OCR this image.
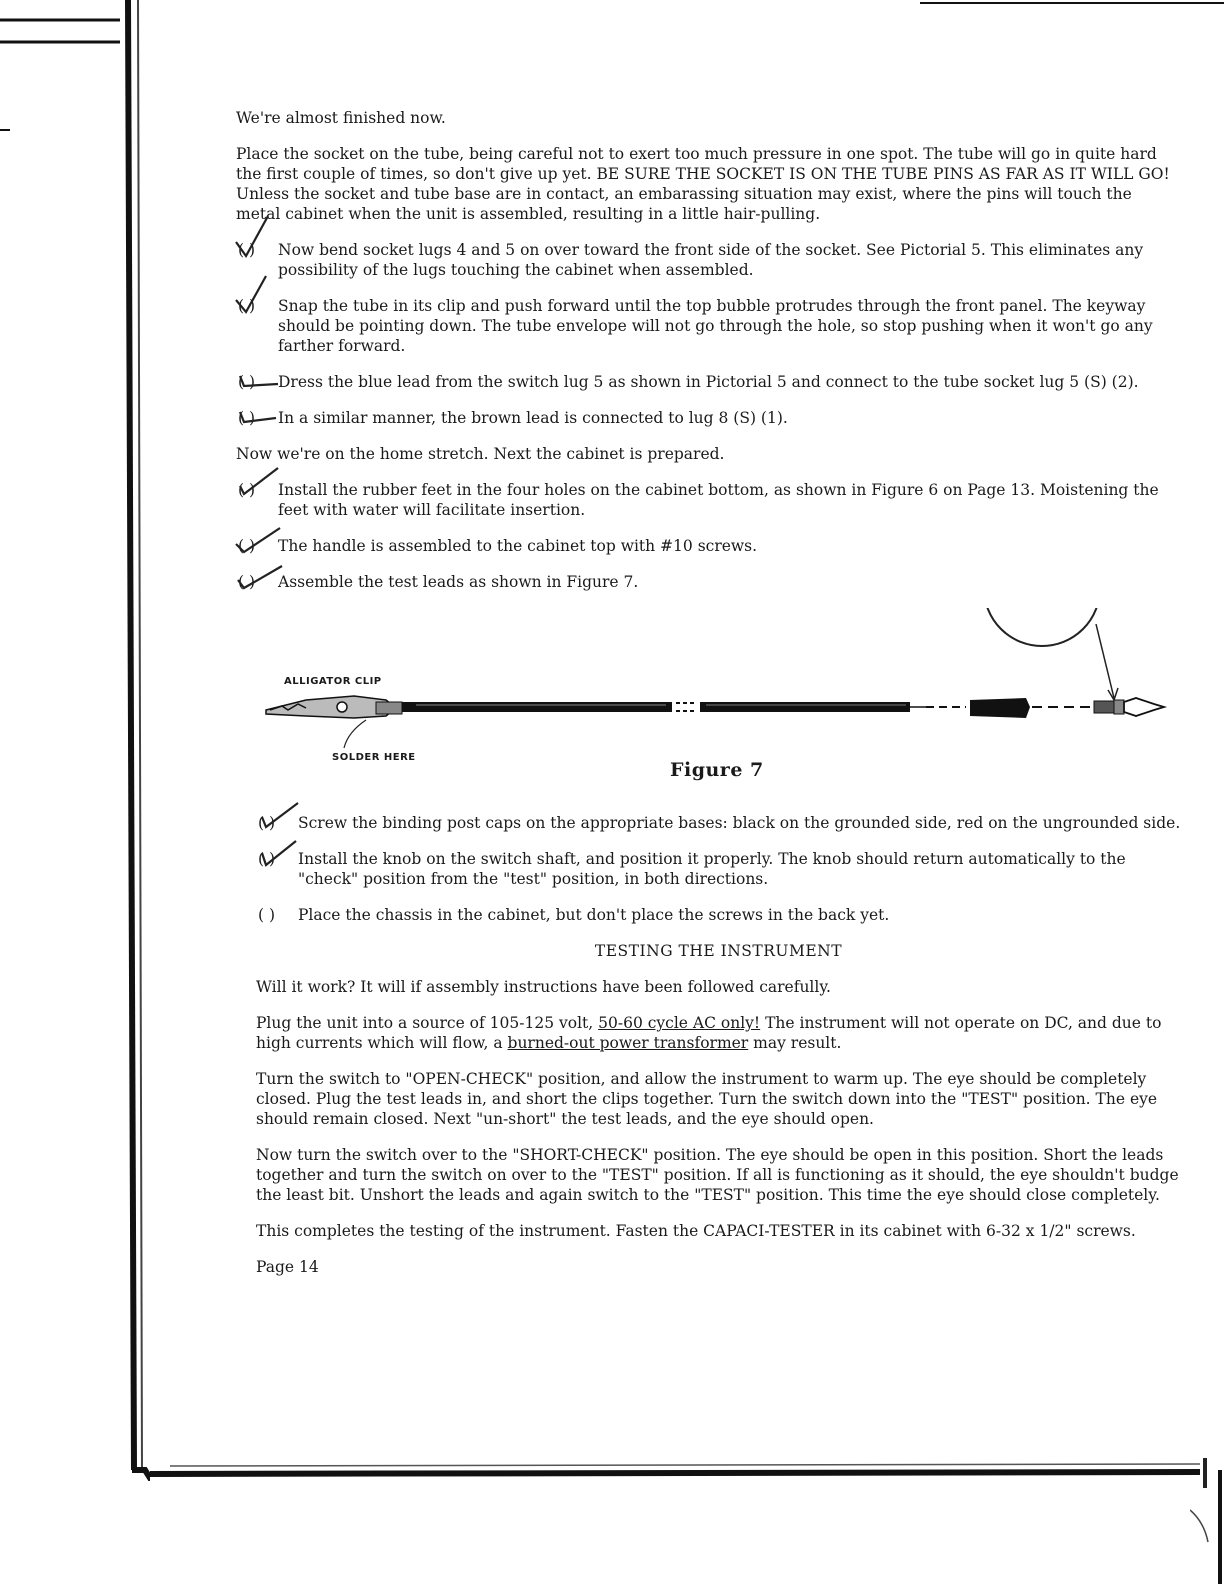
We're almost finished now.

Place the socket on the tube, being careful not to exert too much pressure in one spot. The tube will go in quite hard the first couple of times, so don't give up yet. BE SURE THE SOCKET IS ON THE TUBE PINS AS FAR AS IT WILL GO! Unless the socket and tube base are in contact, an embarassing situation may exist, where the pins will touch the metal cabinet when the unit is assembled, resulting in a little hair-pulling.

( ) Now bend socket lugs 4 and 5 on over toward the front side of the socket. See Pictorial 5. This eliminates any possibility of the lugs touching the cabinet when assembled.
( ) Snap the tube in its clip and push forward until the top bubble protrudes through the front panel. The keyway should be pointing down. The tube envelope will not go through the hole, so stop pushing when it won't go any farther forward.
( ) Dress the blue lead from the switch lug 5 as shown in Pictorial 5 and connect to the tube socket lug 5 (S) (2).
( ) In a similar manner, the brown lead is connected to lug 8 (S) (1).

Now we're on the home stretch. Next the cabinet is prepared.

( ) Install the rubber feet in the four holes on the cabinet bottom, as shown in Figure 6 on Page 13. Moistening the feet with water will facilitate insertion.
( ) The handle is assembled to the cabinet top with #10 screws.
( ) Assemble the test leads as shown in Figure 7.
ALLIGATOR CLIP
SOLDER HERE
Figure 7
( ) Screw the binding post caps on the appropriate bases: black on the grounded side, red on the ungrounded side.
( ) Install the knob on the switch shaft, and position it properly. The knob should return automatically to the "check" position from the "test" position, in both directions.
( ) Place the chassis in the cabinet, but don't place the screws in the back yet.

TESTING THE INSTRUMENT

Will it work? It will if assembly instructions have been followed carefully.

Plug the unit into a source of 105-125 volt, 50-60 cycle AC only! The instrument will not operate on DC, and due to high currents which will flow, a burned-out power transformer may result.

Turn the switch to "OPEN-CHECK" position, and allow the instrument to warm up. The eye should be completely closed. Plug the test leads in, and short the clips together. Turn the switch down into the "TEST" position. The eye should remain closed. Next "un-short" the test leads, and the eye should open.

Now turn the switch over to the "SHORT-CHECK" position. The eye should be open in this position. Short the leads together and turn the switch on over to the "TEST" position. If all is functioning as it should, the eye shouldn't budge the least bit. Unshort the leads and again switch to the "TEST" position. This time the eye should close completely.

This completes the testing of the instrument. Fasten the CAPACI-TESTER in its cabinet with 6-32 x 1/2" screws.

Page 14
